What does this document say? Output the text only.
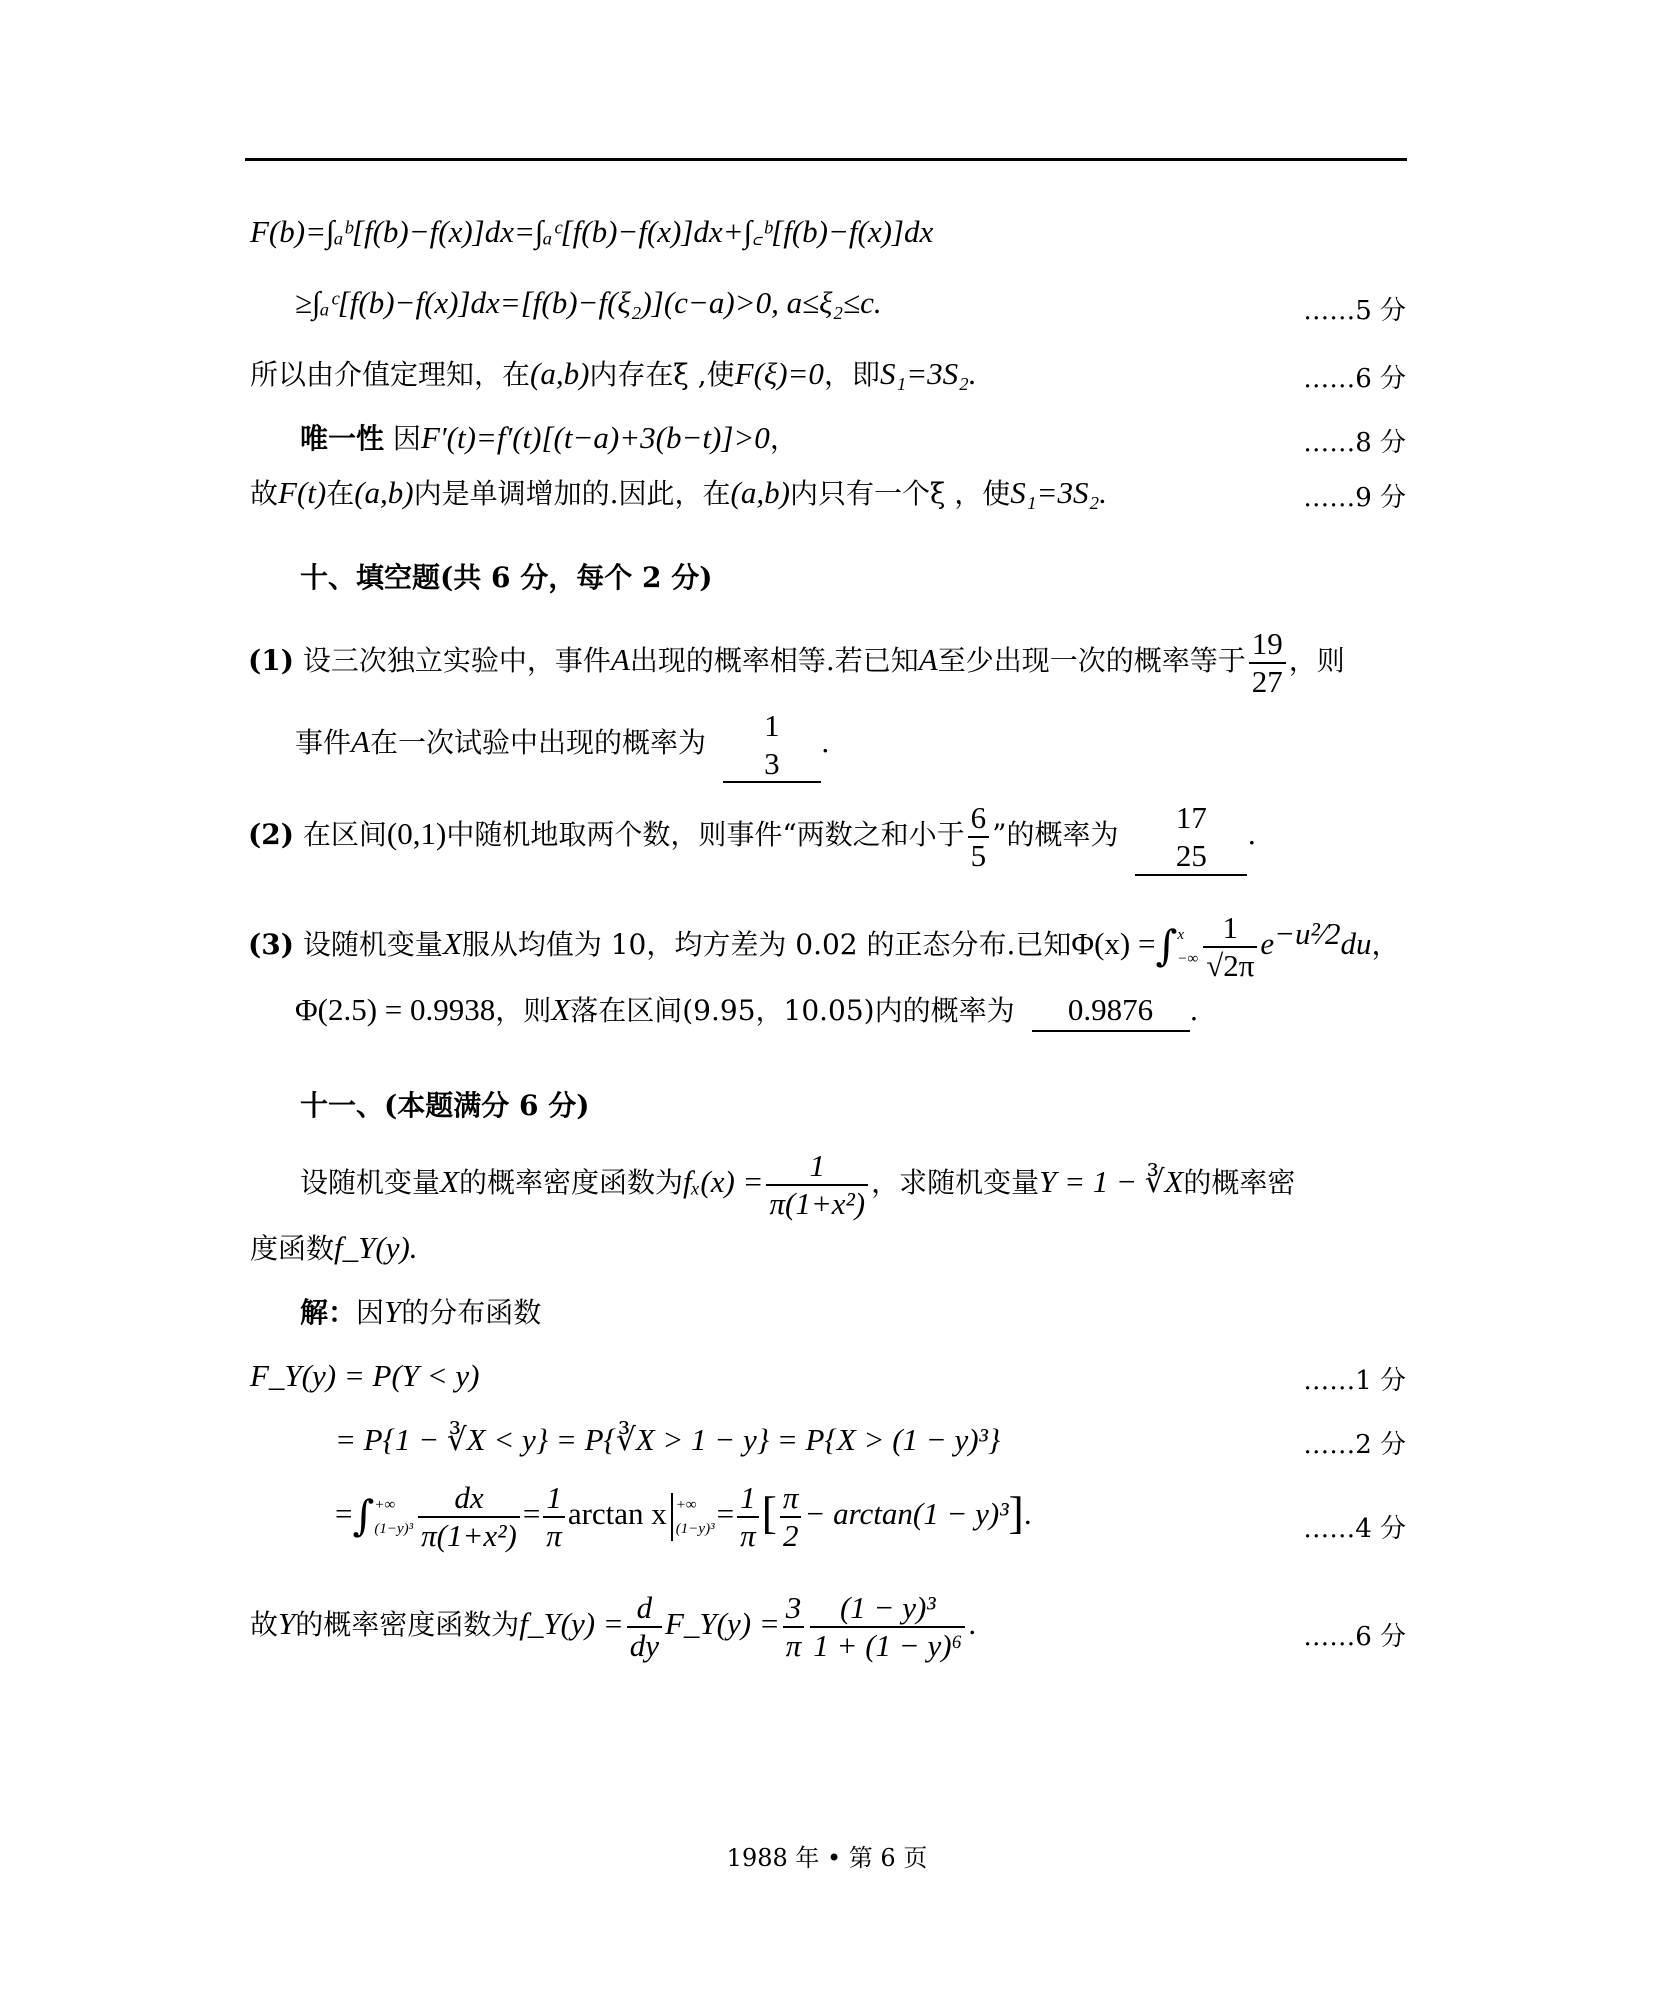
F(b)=∫ₐᵇ[f(b)−f(x)]dx=∫ₐᶜ[f(b)−f(x)]dx+∫꜀ᵇ[f(b)−f(x)]dx
≥∫ₐᶜ[f(b)−f(x)]dx=[f(b)−f(ξ₂)](c−a)>0, a≤ξ₂≤c.	……5 分
所以由介值定理知，在(a,b)内存在ξ ,使F(ξ)=0，即S₁=3S₂.	……6 分
唯一性 因F′(t)=f′(t)[(t−a)+3(b−t)]>0，	……8 分
故F(t)在(a,b)内是单调增加的.因此，在(a,b)内只有一个ξ ，使S₁=3S₂.	……9 分
十、填空题(共 6 分，每个 2 分)
(1) 设三次独立实验中，事件A出现的概率相等.若已知A至少出现一次的概率等于 $\frac{19}{27}$ ，则
事件A在一次试验中出现的概率为 1
3
.
(2) 在区间(0,1)中随机地取两个数，则事件“两数之和小于 $\frac{6}{5}$ ”的概率为 17
25
.
(3) 设随机变量X服从均值为 10，均方差为 0.02 的正态分布.已知Φ(x) =∫ x
−∞ $\frac{1}{√2\pi} e^{-u^2⁄2}du$，
Φ(2.5) = 0.9938，则X落在区间(9.95，10.05)内的概率为 0.9876 .
十一、(本题满分 6 分)
设随机变量X的概率密度函数为$f_x(x) = \frac{1}{\text{π(1+x²)}}$ ，求随机变量Y = 1 − ∛X的概率密
度函数f_Y(y).
解：因Y的分布函数
F_Y(y) = P(Y < y)	……1 分
= P{1 − ∛X < y} = P{∛X > 1 − y} = P{X > (1 − y)³}	……2 分
=∫ +∞
$(1-y)^3 \frac{dx}{\text{π(1+x²)}} = \frac{1}{\pi}$ arctan x +∞
$(1-y)^3 = \frac{1}{\pi}$ [ $\frac{\pi}{2} - \arctan(1 - y)^3$].	……4 分
故Y的概率密度函数为f_Y(y) = $\frac{d}{dy}$ F_Y(y) = $\frac{3}{\pi} \frac{\text{(1 − y)³}}{\text{1 + (1 − y)⁶}}$ .	……6 分
1988 年 • 第 6 页
